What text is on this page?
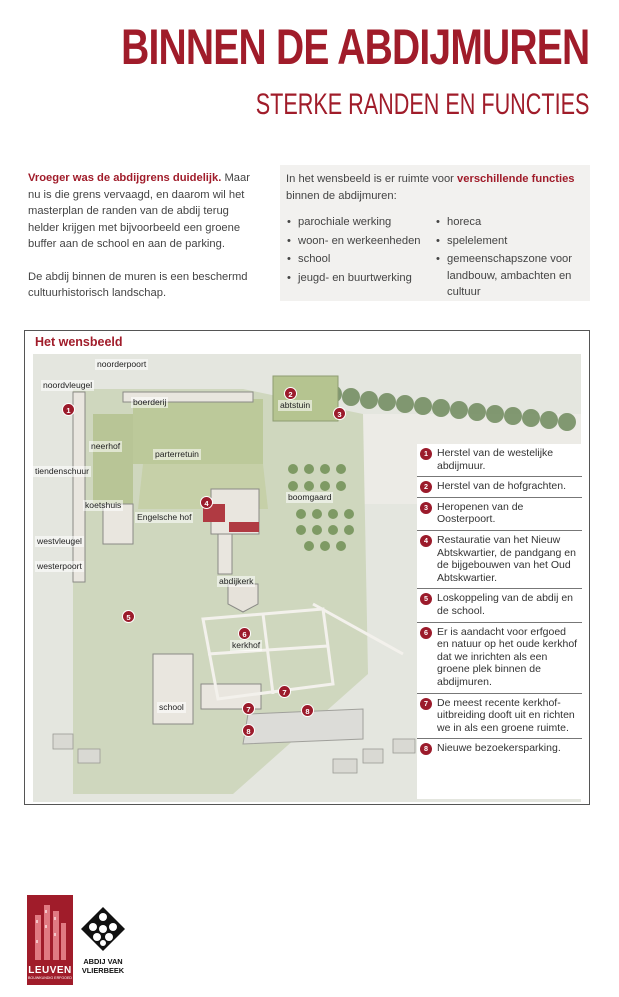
BINNEN DE ABDIJMUREN
STERKE RANDEN EN FUNCTIES

Vroeger was de abdijgrens duidelijk. Maar nu is die grens vervaagd, en daarom wil het masterplan de randen van de abdij terug helder krijgen met bijvoorbeeld een groene buffer aan de school en aan de parking.

De abdij binnen de muren is een beschermd cultuurhistorisch landschap.

In het wensbeeld is er ruimte voor verschillende functies binnen de abdijmuren:
• parochiale werking
• woon- en werkeenheden
• school
• jeugd- en buurtwerking
• horeca
• spelelement
• gemeenschapszone voor landbouw, ambachten en cultuur
Het wensbeeld
noorderpoort
noordvleugel
boerderij	abtstuin
neerhof
parterretuin
tiendenschuur
koetshuis
boomgaard
Engelsche hof
westvleugel
westerpoort
abdijkerk
kerkhof
school
1
2
3
4
5
6
7
7	8
8
1 Herstel van de westelijke abdijmuur.
2 Herstel van de hofgrachten.
3 Heropenen van de Oosterpoort.
4 Restauratie van het Nieuw Abtskwartier, de pandgang en de bijgebouwen van het Oud Abtskwartier.
5 Loskoppeling van de abdij en de school.
6 Er is aandacht voor erfgoed en natuur op het oude kerkhof dat we inrichten als een groene plek binnen de abdijmuren.
7 De meest recente kerkhof-uitbreiding dooft uit en richten we in als een groene ruimte.
8 Nieuwe bezoekersparking.
LEUVEN
BOUWKUNDIG ERFGOED
ABDIJ VAN VLIERBEEK
